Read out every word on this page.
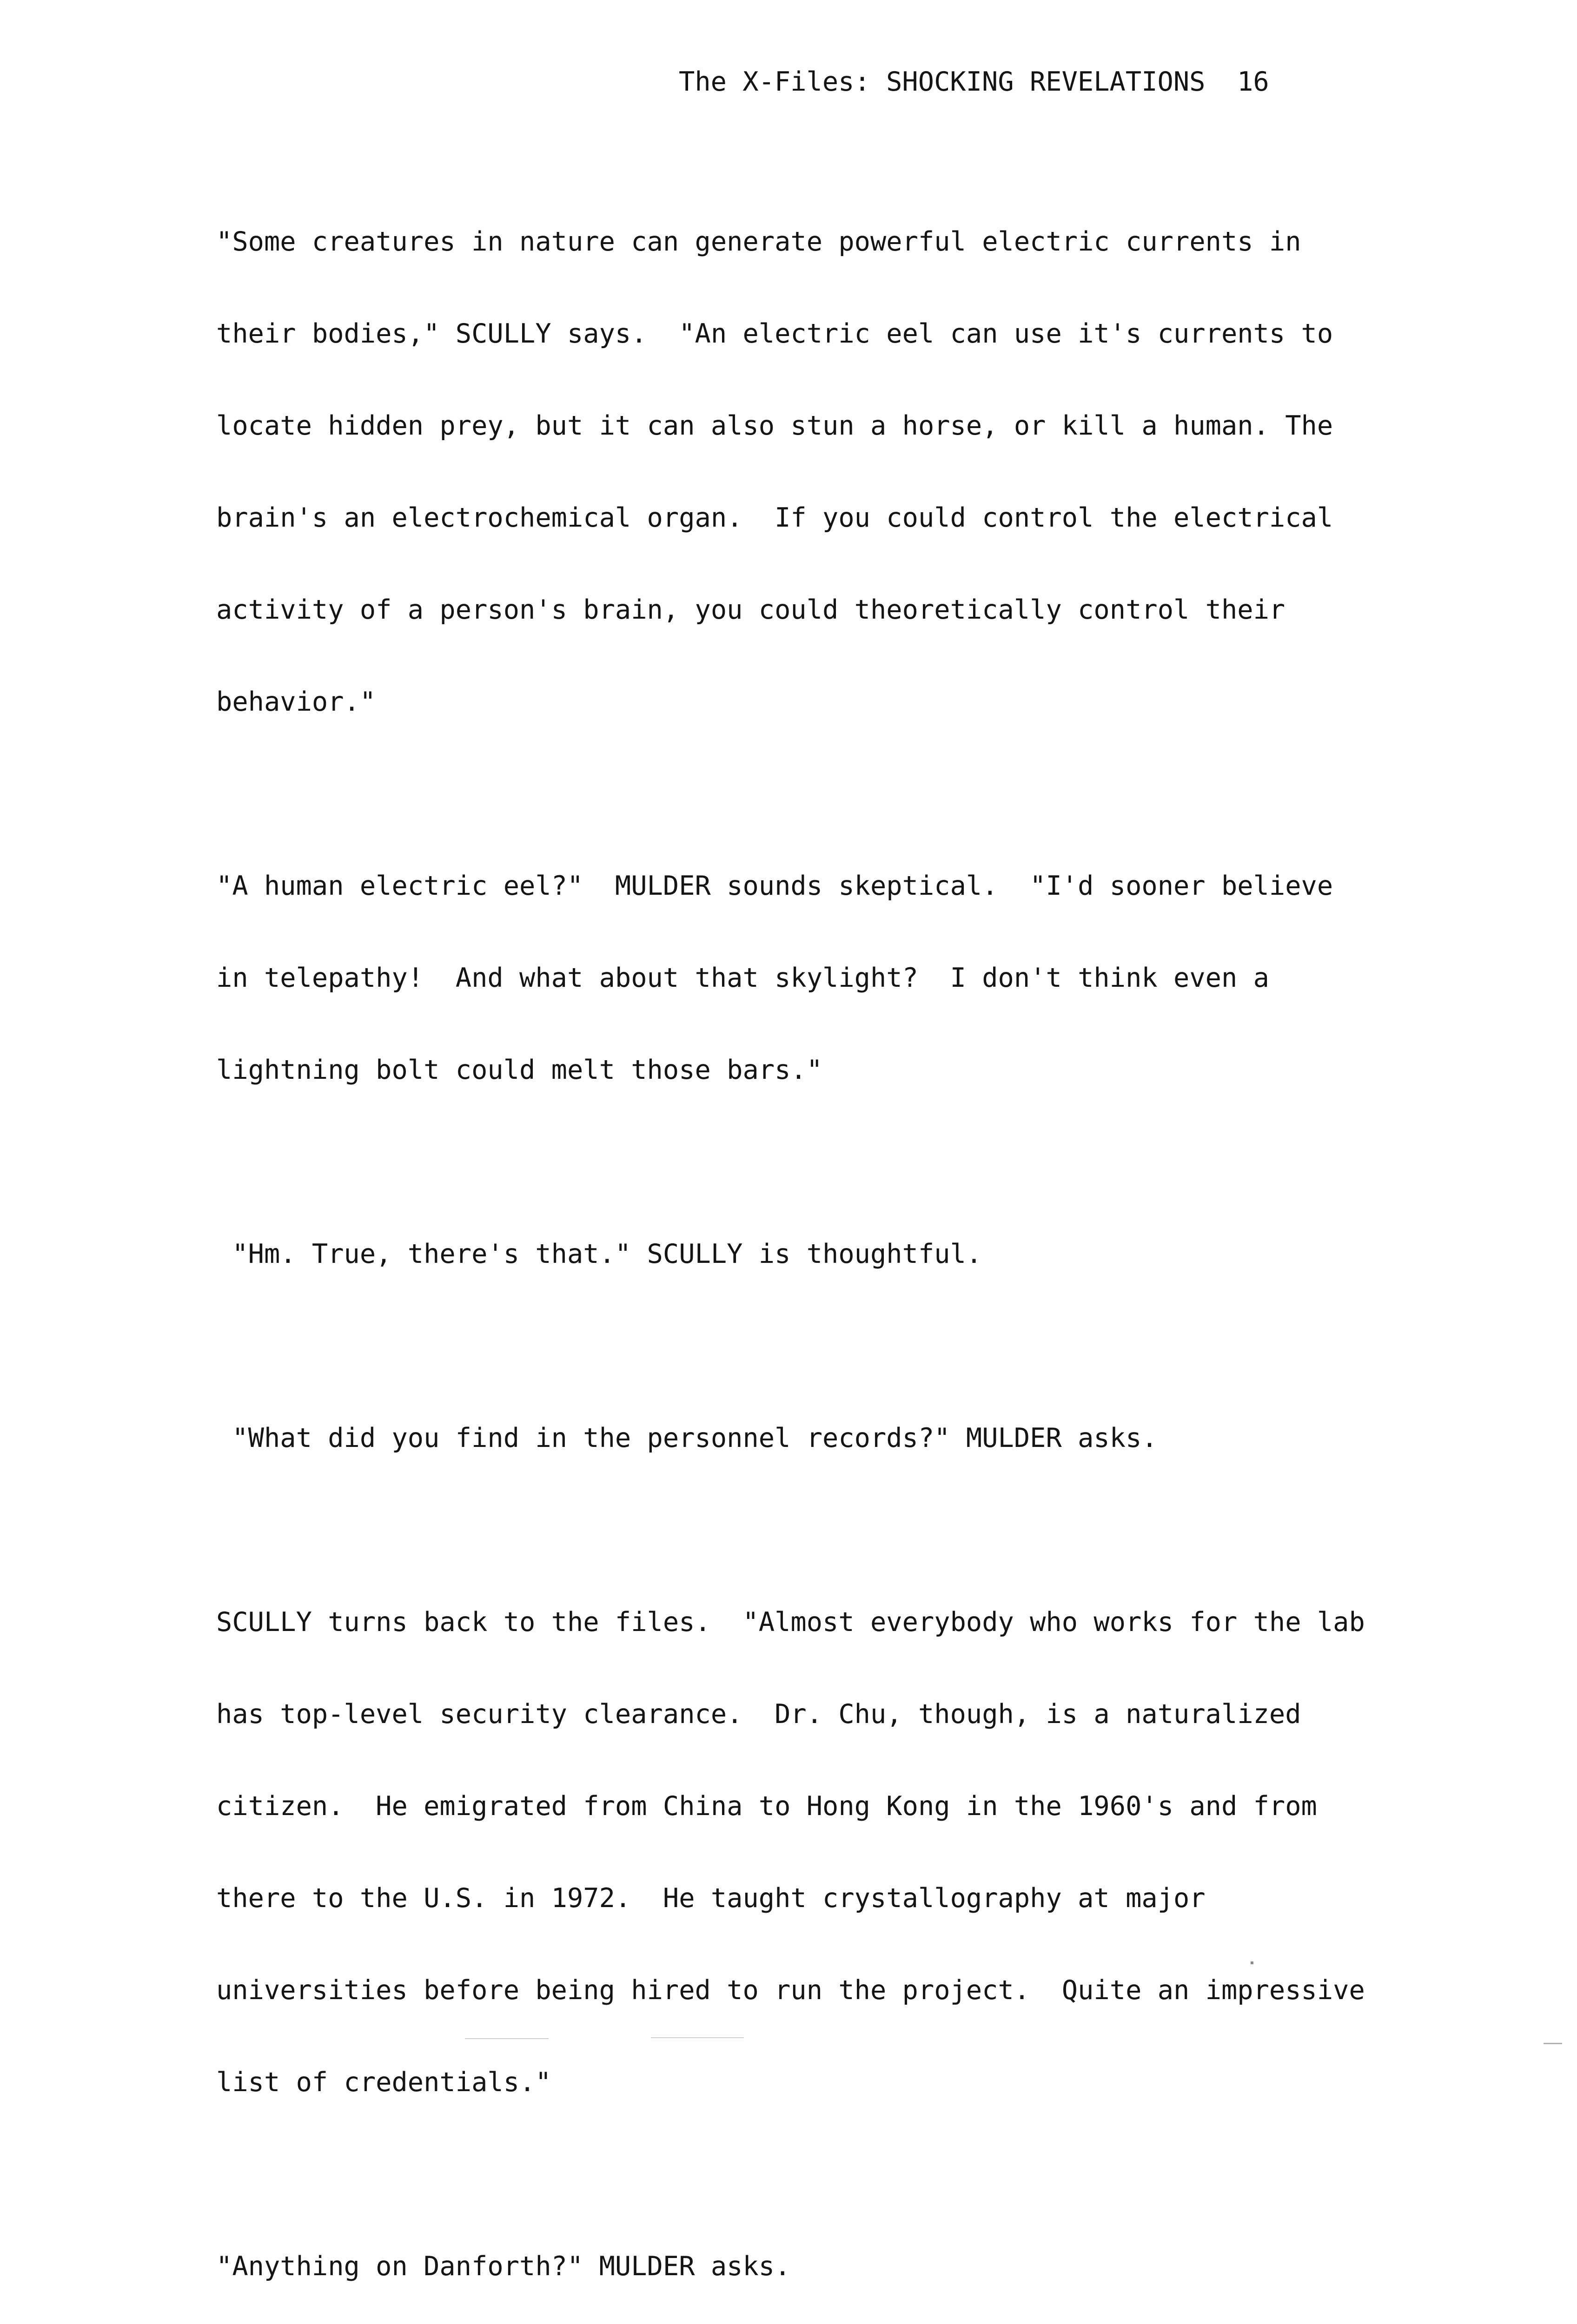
The X-Files: SHOCKING REVELATIONS 16

"Some creatures in nature can generate powerful electric currents in

their bodies," SCULLY says.  "An electric eel can use it's currents to

locate hidden prey, but it can also stun a horse, or kill a human. The

brain's an electrochemical organ.  If you could control the electrical

activity of a person's brain, you could theoretically control their

behavior."

"A human electric eel?"  MULDER sounds skeptical.  "I'd sooner believe

in telepathy!  And what about that skylight?  I don't think even a

lightning bolt could melt those bars."

"Hm. True, there's that." SCULLY is thoughtful.

"What did you find in the personnel records?" MULDER asks.

SCULLY turns back to the files.  "Almost everybody who works for the lab

has top-level security clearance.  Dr. Chu, though, is a naturalized

citizen.  He emigrated from China to Hong Kong in the 1960's and from

there to the U.S. in 1972.  He taught crystallography at major

universities before being hired to run the project.  Quite an impressive

list of credentials."

"Anything on Danforth?" MULDER asks.
